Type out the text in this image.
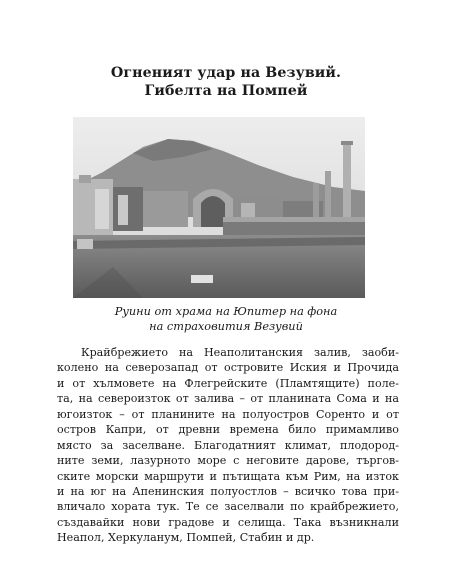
Огненият удар на Везувий.
Гибелта на Помпей
Руини от храма на Юпитер на фона
на страховития Везувий
Крайбрежието на Неаполитанския залив, заоби-
колено на северозапад от островите Иския и Прочида
и от хълмовете на Флегрейските (Пламтящите) поле-
та, на североизток от залива – от планината Сома и на
югоизток – от планините на полуостров Соренто и от
остров Капри, от древни времена било примамливо
място за заселване. Благодатният климат, плодород-
ните земи, лазурното море с неговите дарове, търгов-
ските морски маршрути и пътищата към Рим, на изток
и на юг на Апенинския полуостлов – всичко това при-
вличало хората тук. Те се заселвали по крайбрежието,
създавайки нови градове и селища. Така възникнали
Неапол, Херкуланум, Помпей, Стабин и др.
